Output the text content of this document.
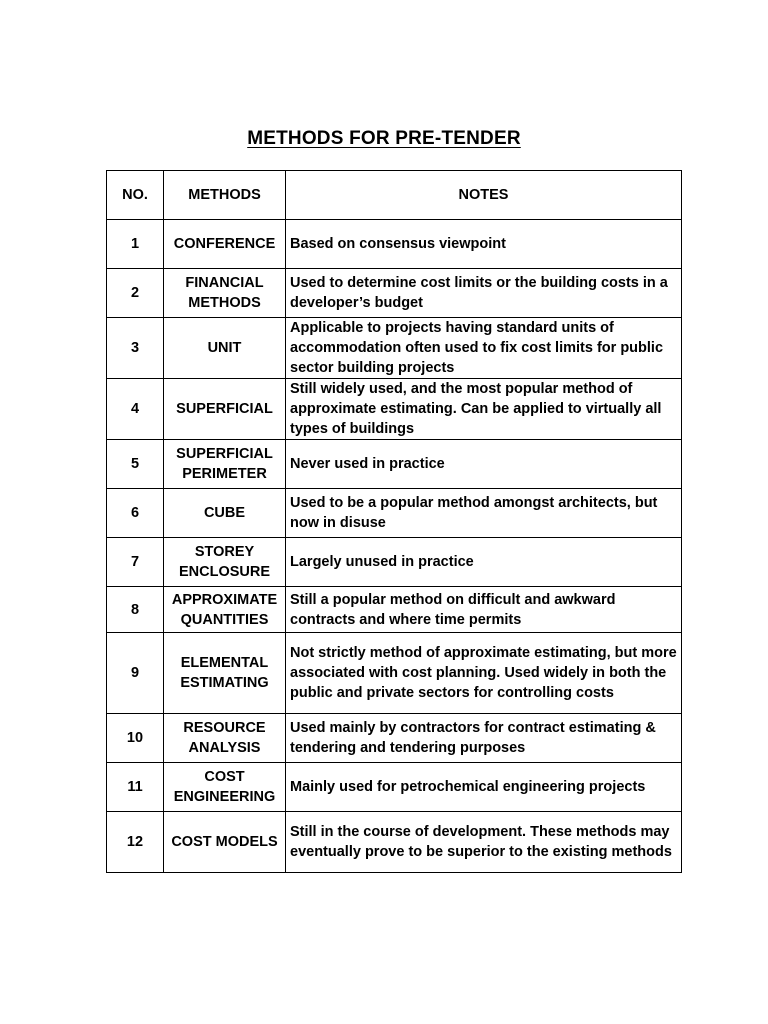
METHODS FOR PRE-TENDER
NO.	METHODS	NOTES
1	CONFERENCE	Based on consensus viewpoint
2	FINANCIAL METHODS	Used to determine cost limits or the building costs in a developer’s budget
3	UNIT	Applicable to projects having standard units of accommodation often used to fix cost limits for public sector building projects
4	SUPERFICIAL	Still widely used, and the most popular method of approximate estimating. Can be applied to virtually all types of buildings
5	SUPERFICIAL PERIMETER	Never used in practice
6	CUBE	Used to be a popular method amongst architects, but now in disuse
7	STOREY ENCLOSURE	Largely unused in practice
8	APPROXIMATE QUANTITIES	Still a popular method on difficult and awkward contracts and where time permits
9	ELEMENTAL ESTIMATING	Not strictly method of approximate estimating, but more associated with cost planning. Used widely in both the public and private sectors for controlling costs
10	RESOURCE ANALYSIS	Used mainly by contractors for contract estimating & tendering and tendering purposes
11	COST ENGINEERING	Mainly used for petrochemical engineering projects
12	COST MODELS	Still in the course of development. These methods may eventually prove to be superior to the existing methods
